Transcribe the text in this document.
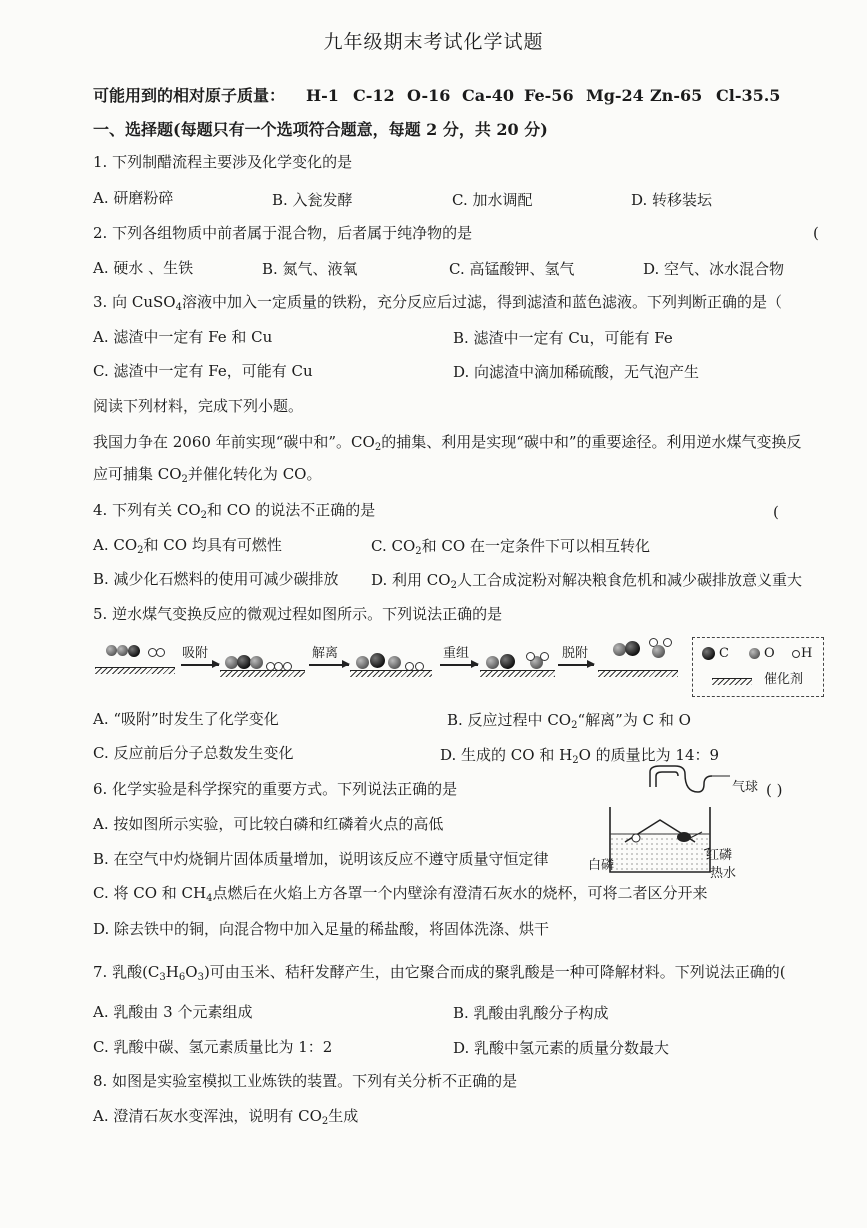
九年级期末考试化学试题
可能用到的相对原子质量： H-1 C-12 O-16 Ca-40 Fe-56 Mg-24 Zn-65 Cl-35.5
一、选择题(每题只有一个选项符合题意，每题 2 分，共 20 分)
1. 下列制醋流程主要涉及化学变化的是
A. 研磨粉碎	B. 入瓮发酵	C. 加水调配	D. 转移装坛
2. 下列各组物质中前者属于混合物，后者属于纯净物的是	(
A. 硬水 、生铁	B. 氮气、液氧	C. 高锰酸钾、氢气	D. 空气、冰水混合物
3. 向 CuSO$_4$溶液中加入一定质量的铁粉，充分反应后过滤，得到滤渣和蓝色滤液。下列判断正确的是（
A. 滤渣中一定有 Fe 和 Cu	B. 滤渣中一定有 Cu，可能有 Fe
C. 滤渣中一定有 Fe，可能有 Cu	D. 向滤渣中滴加稀硫酸，无气泡产生
阅读下列材料，完成下列小题。
我国力争在 2060 年前实现“碳中和”。$CO_2$的捕集、利用是实现“碳中和”的重要途径。利用逆水煤气变换反
应可捕集 $CO_2$并催化转化为 CO。
4. 下列有关 $CO_2$和 CO 的说法不正确的是	(
A. $CO_2$和 CO 均具有可燃性	C. $CO_2$和 CO 在一定条件下可以相互转化
B. 减少化石燃料的使用可减少碳排放 D. 利用 $CO_2$人工合成淀粉对解决粮食危机和减少碳排放意义重大
5. 逆水煤气变换反应的微观过程如图所示。下列说法正确的是
吸附	解离	重组	脱附	C	O H
催化剂
A. “吸附”时发生了化学变化	B. 反应过程中 $CO_2“$解离”为 C 和 O
C. 反应前后分子总数发生变化	D. 生成的 CO 和 $H_2O$ 的质量比为 14：9
6. 化学实验是科学探究的重要方式。下列说法正确的是	( )
气球
红磷
热水
白磷
A. 按如图所示实验，可比较白磷和红磷着火点的高低
B. 在空气中灼烧铜片固体质量增加，说明该反应不遵守质量守恒定律
C. 将 CO 和 $CH_4$点燃后在火焰上方各罩一个内壁涂有澄清石灰水的烧杯，可将二者区分开来
D. 除去铁中的铜，向混合物中加入足量的稀盐酸，将固体洗涤、烘干
7. 乳酸$(C_3H_6O_3)$可由玉米、秸秆发酵产生，由它聚合而成的聚乳酸是一种可降解材料。下列说法正确的(
A. 乳酸由 3 个元素组成	B. 乳酸由乳酸分子构成
C. 乳酸中碳、氢元素质量比为 1：2	D. 乳酸中氢元素的质量分数最大
8. 如图是实验室模拟工业炼铁的装置。下列有关分析不正确的是
A. 澄清石灰水变浑浊，说明有 $CO_2$生成
